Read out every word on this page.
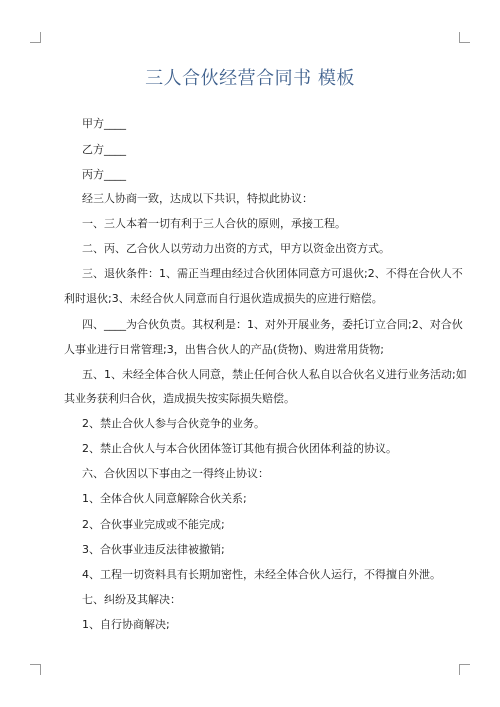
三人合伙经营合同书 模板
甲方____
乙方____
丙方____
经三人协商一致，达成以下共识，特拟此协议：
一、三人本着一切有利于三人合伙的原则，承接工程。
二、丙、乙合伙人以劳动力出资的方式，甲方以资金出资方式。
三、退伙条件：1、需正当理由经过合伙团体同意方可退伙;2、不得在合伙人不
利时退伙;3、未经合伙人同意而自行退伙造成损失的应进行赔偿。
四、____为合伙负责。其权利是：1、对外开展业务，委托订立合同;2、对合伙
人事业进行日常管理;3，出售合伙人的产品(货物)、购进常用货物;
五、1、未经全体合伙人同意，禁止任何合伙人私自以合伙名义进行业务活动;如
其业务获利归合伙，造成损失按实际损失赔偿。
2、禁止合伙人参与合伙竞争的业务。
2、禁止合伙人与本合伙团体签订其他有损合伙团体利益的协议。
六、合伙因以下事由之一得终止协议：
1、全体合伙人同意解除合伙关系;
2、合伙事业完成或不能完成;
3、合伙事业违反法律被撤销;
4、工程一切资料具有长期加密性，未经全体合伙人运行，不得擅自外泄。
七、纠纷及其解决：
1、自行协商解决;
